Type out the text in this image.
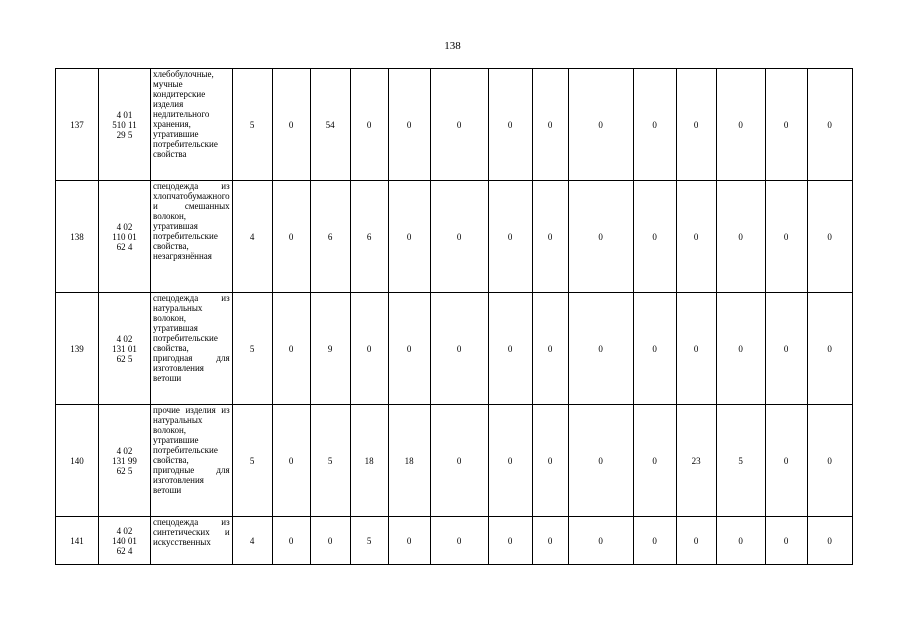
138
137	4 01
510 11
29 5	хлебобулочные, мучные кондитерские изделия недлительного хранения, утратившие потребительские свойства	5	0	54	0	0	0	0	0	0	0	0	0	0	0
138	4 02
110 01
62 4	спецодежда из хлопчатобумажного и смешанных волокон, утратившая потребительские свойства, незагрязнённая	4	0	6	6	0	0	0	0	0	0	0	0	0	0
139	4 02
131 01
62 5	спецодежда из натуральных волокон, утратившая потребительские свойства, пригодная для изготовления ветоши	5	0	9	0	0	0	0	0	0	0	0	0	0	0
140	4 02
131 99
62 5	прочие изделия из натуральных волокон, утратившие потребительские свойства, пригодные для изготовления ветоши	5	0	5	18	18	0	0	0	0	0	23	5	0	0
141	4 02
140 01
62 4	спецодежда из синтетических и искусственных	4	0	0	5	0	0	0	0	0	0	0	0	0	0
